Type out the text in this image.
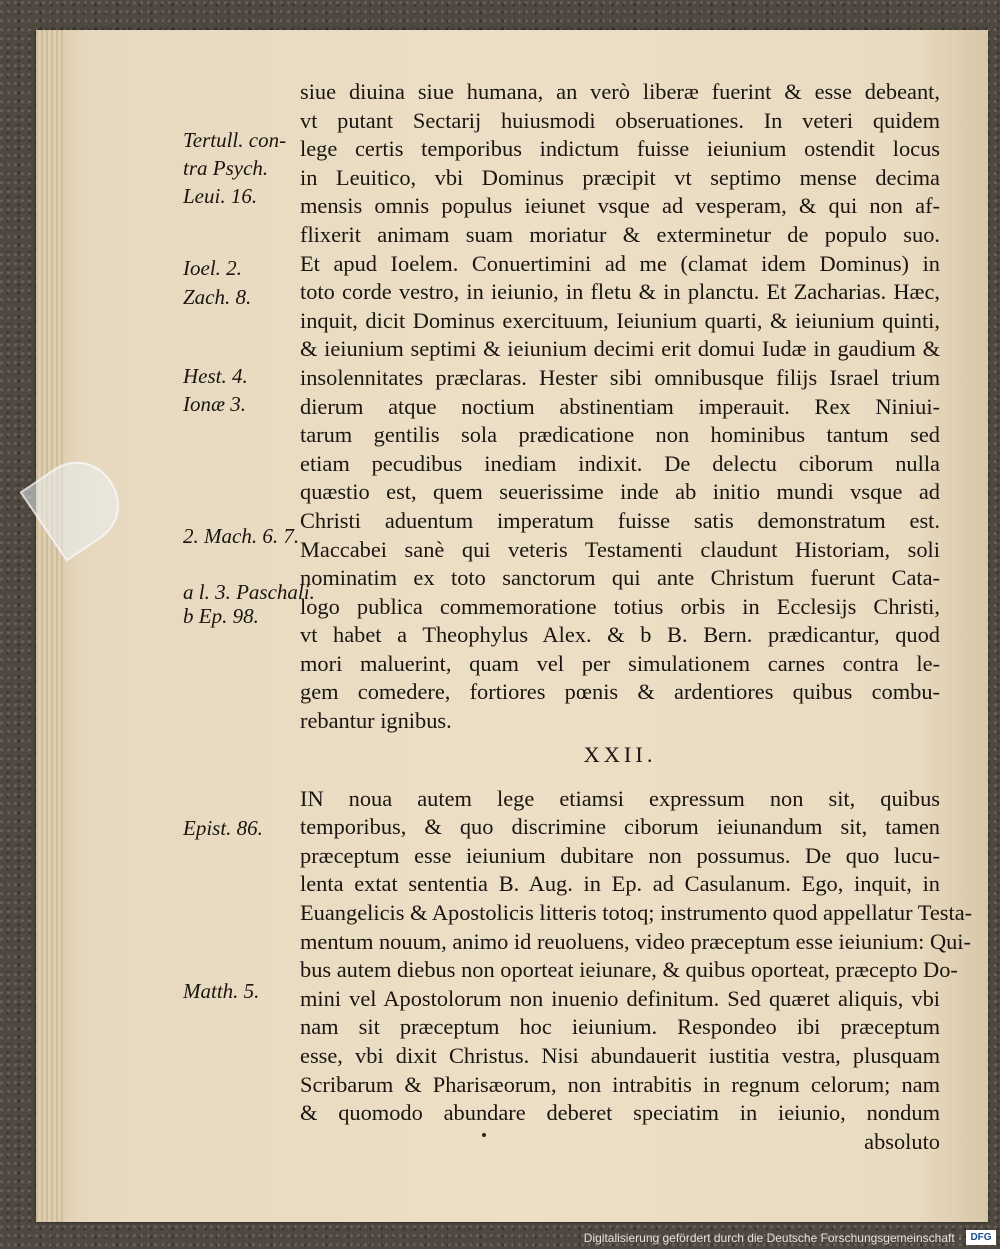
siue diuina siue humana, an verò liberæ fuerint & esse debeant,
vt putant Sectarij huiusmodi obseruationes. In veteri quidem
lege certis temporibus indictum fuisse ieiunium ostendit locus
in Leuitico, vbi Dominus præcipit vt septimo mense decima
mensis omnis populus ieiunet vsque ad vesperam, & qui non af-
flixerit animam suam moriatur & exterminetur de populo suo.
Et apud Ioelem. Conuertimini ad me (clamat idem Dominus) in
toto corde vestro, in ieiunio, in fletu & in planctu. Et Zacharias. Hæc,
inquit, dicit Dominus exercituum, Ieiunium quarti, & ieiunium quinti,
& ieiunium septimi & ieiunium decimi erit domui Iudæ in gaudium &
insolennitates præclaras. Hester sibi omnibusque filijs Israel trium
dierum atque noctium abstinentiam imperauit. Rex Niniui-
tarum gentilis sola prædicatione non hominibus tantum sed
etiam pecudibus inediam indixit. De delectu ciborum nulla
quæstio est, quem seuerissime inde ab initio mundi vsque ad
Christi aduentum imperatum fuisse satis demonstratum est.
Maccabei sanè qui veteris Testamenti claudunt Historiam, soli
nominatim ex toto sanctorum qui ante Christum fuerunt Cata-
logo publica commemoratione totius orbis in Ecclesijs Christi,
vt habet a Theophylus Alex. & b B. Bern. prædicantur, quod
mori maluerint, quam vel per simulationem carnes contra le-
gem comedere, fortiores pœnis & ardentiores quibus combu-
rebantur ignibus.
XXII.
IN noua autem lege etiamsi expressum non sit, quibus
temporibus, & quo discrimine ciborum ieiunandum sit, tamen
præceptum esse ieiunium dubitare non possumus. De quo lucu-
lenta extat sententia B. Aug. in Ep. ad Casulanum. Ego, inquit, in
Euangelicis & Apostolicis litteris totoq; instrumento quod appellatur Testa-
mentum nouum, animo id reuoluens, video præceptum esse ieiunium: Qui-
bus autem diebus non oporteat ieiunare, & quibus oporteat, præcepto Do-
mini vel Apostolorum non inuenio definitum. Sed quæret aliquis, vbi
nam sit præceptum hoc ieiunium. Respondeo ibi præceptum
esse, vbi dixit Christus. Nisi abundauerit iustitia vestra, plusquam
Scribarum & Pharisæorum, non intrabitis in regnum celorum; nam
& quomodo abundare deberet speciatim in ieiunio, nondum
absoluto
Tertull. con-
tra Psych.
Leui. 16.
Ioel. 2.
Zach. 8.
Hest. 4.
Ionæ 3.
2. Mach. 6. 7.
a l. 3. Paschali.
b Ep. 98.
Epist. 86.
Matth. 5.
Digitalisierung gefördert durch die Deutsche Forschungsgemeinschaft · DFG
